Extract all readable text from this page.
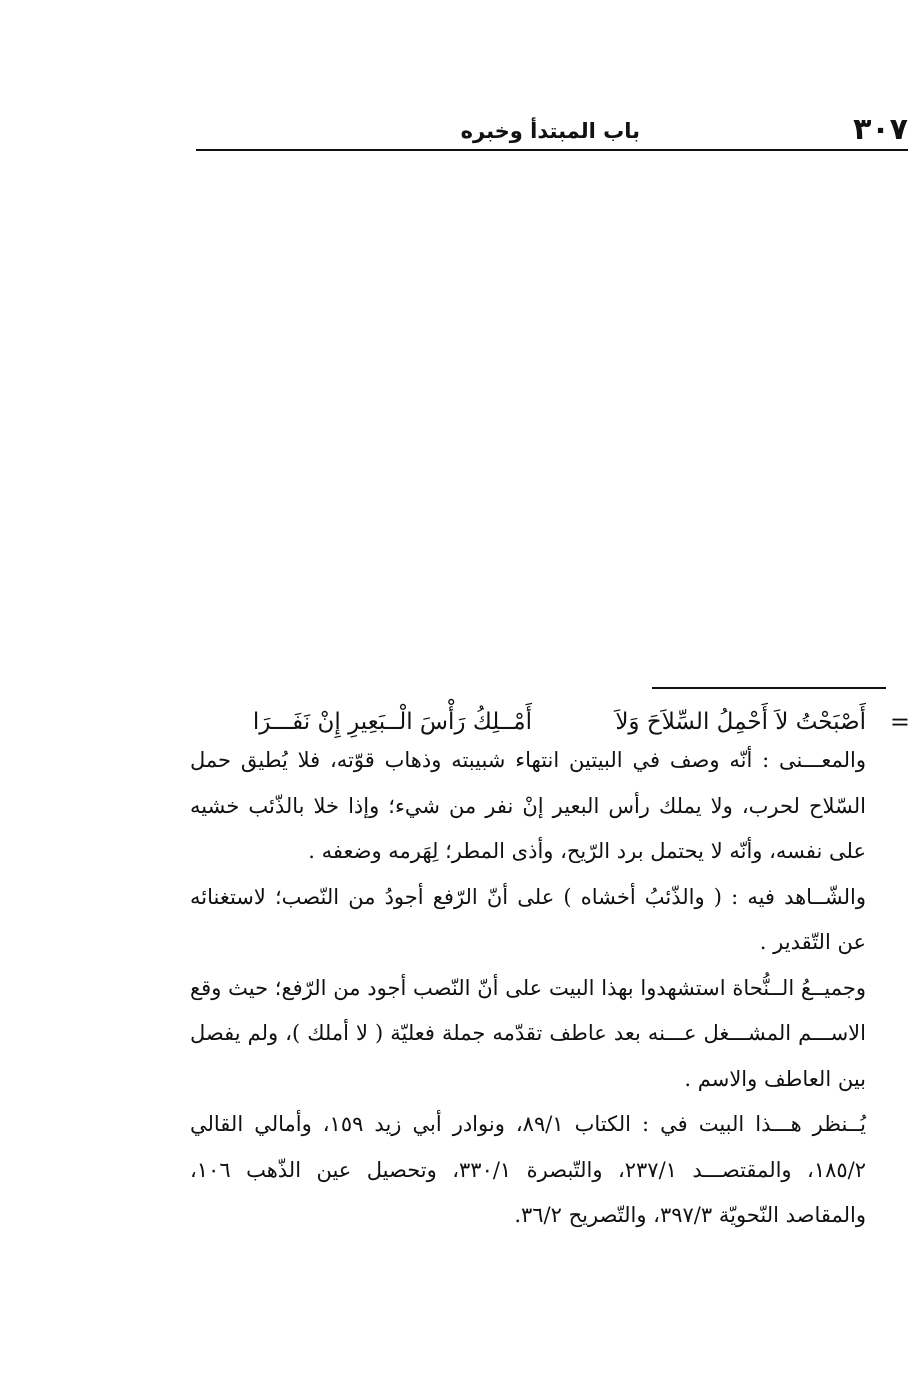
٣٠٧
باب المبتدأ وخبره
=
أَصْبَحْتُ لاَ أَحْمِلُ السِّلاَحَ وَلاَ
أَمْــلِكُ رَأْسَ الْــبَعِيرِ إِنْ نَفَـــرَا

والمعـــنى : أنّه وصف في البيتين انتهاء شبيبته وذهاب قوّته، فلا يُطيق حمل السّلاح لحرب، ولا يملك رأس البعير إنْ نفر من شيء؛ وإذا خلا بالذّئب خشيه على نفسه، وأنّه لا يحتمل برد الرّيح، وأذى المطر؛ لِهَرمه وضعفه .

والشّــاهد فيه : ( والذّئبُ أخشاه ) على أنّ الرّفع أجودُ من النّصب؛ لاستغنائه عن التّقدير .

وجميــعُ الــنُّحاة استشهدوا بهذا البيت على أنّ النّصب أجود من الرّفع؛ حيث وقع الاســـم المشـــغل عـــنه بعد عاطف تقدّمه جملة فعليّة ( لا أملك )، ولم يفصل بين العاطف والاسم .

يُــنظر هـــذا البيت في : الكتاب ٨٩/١، ونوادر أبي زيد ١٥٩، وأمالي القالي ١٨٥/٢، والمقتصـــد ٢٣٧/١، والتّبصرة ٣٣٠/١، وتحصيل عين الذّهب ١٠٦، والمقاصد النّحويّة ٣٩٧/٣، والتّصريح ٣٦/٢.
